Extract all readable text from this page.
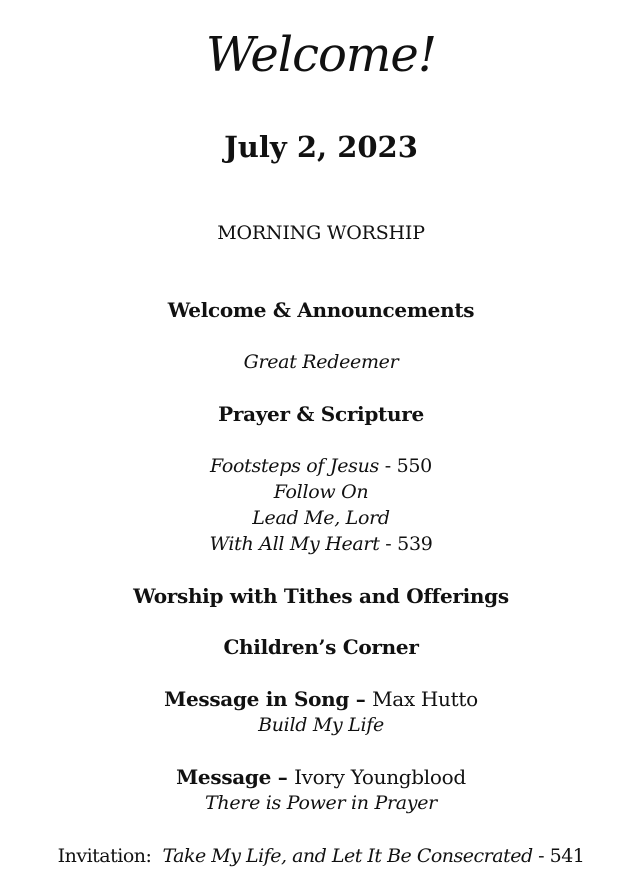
Welcome!
July 2, 2023
MORNING WORSHIP
Welcome & Announcements
Great Redeemer
Prayer & Scripture
Footsteps of Jesus - 550
Follow On
Lead Me, Lord
With All My Heart - 539
Worship with Tithes and Offerings
Children’s Corner
Message in Song – Max Hutto
Build My Life
Message – Ivory Youngblood
There is Power in Prayer
Invitation:  Take My Life, and Let It Be Consecrated - 541
